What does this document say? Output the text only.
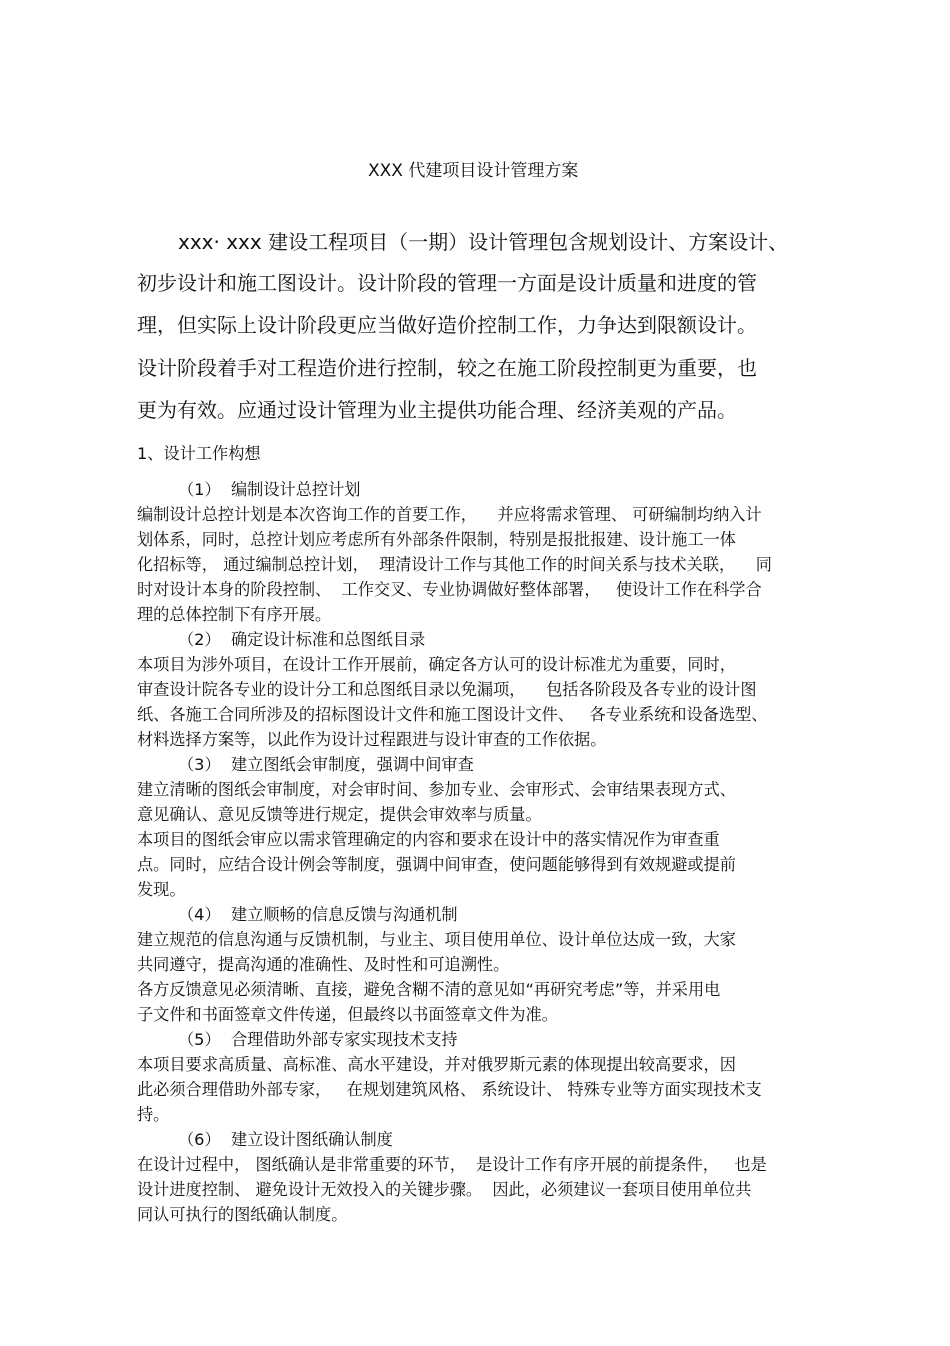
XXX 代建项目设计管理方案
xxx· xxx 建设工程项目（一期）设计管理包含规划设计、方案设计、
初步设计和施工图设计。设计阶段的管理一方面是设计质量和进度的管
理，但实际上设计阶段更应当做好造价控制工作，力争达到限额设计。
设计阶段着手对工程造价进行控制，较之在施工阶段控制更为重要，也
更为有效。应通过设计管理为业主提供功能合理、经济美观的产品。
1、设计工作构想
（1）  编制设计总控计划
编制设计总控计划是本次咨询工作的首要工作，    并应将需求管理、 可研编制均纳入计
划体系，同时，总控计划应考虑所有外部条件限制，特别是报批报建、设计施工一体
化招标等， 通过编制总控计划，  理清设计工作与其他工作的时间关系与技术关联，    同
时对设计本身的阶段控制、  工作交叉、专业协调做好整体部署，   使设计工作在科学合
理的总体控制下有序开展。
（2）  确定设计标准和总图纸目录
本项目为涉外项目，在设计工作开展前，确定各方认可的设计标准尤为重要，同时，
审查设计院各专业的设计分工和总图纸目录以免漏项，    包括各阶段及各专业的设计图
纸、各施工合同所涉及的招标图设计文件和施工图设计文件、   各专业系统和设备选型、
材料选择方案等，以此作为设计过程跟进与设计审查的工作依据。
（3）  建立图纸会审制度，强调中间审查
建立清晰的图纸会审制度，对会审时间、参加专业、会审形式、会审结果表现方式、
意见确认、意见反馈等进行规定，提供会审效率与质量。
本项目的图纸会审应以需求管理确定的内容和要求在设计中的落实情况作为审查重
点。同时，应结合设计例会等制度，强调中间审查，使问题能够得到有效规避或提前
发现。
（4）  建立顺畅的信息反馈与沟通机制
建立规范的信息沟通与反馈机制，与业主、项目使用单位、设计单位达成一致，大家
共同遵守，提高沟通的准确性、及时性和可追溯性。
各方反馈意见必须清晰、直接，避免含糊不清的意见如“再研究考虑”等，并采用电
子文件和书面签章文件传递，但最终以书面签章文件为准。
（5）  合理借助外部专家实现技术支持
本项目要求高质量、高标准、高水平建设，并对俄罗斯元素的体现提出较高要求，因
此必须合理借助外部专家，   在规划建筑风格、 系统设计、 特殊专业等方面实现技术支
持。
（6）  建立设计图纸确认制度
在设计过程中， 图纸确认是非常重要的环节，  是设计工作有序开展的前提条件，   也是
设计进度控制、 避免设计无效投入的关键步骤。  因此，必须建议一套项目使用单位共
同认可执行的图纸确认制度。
